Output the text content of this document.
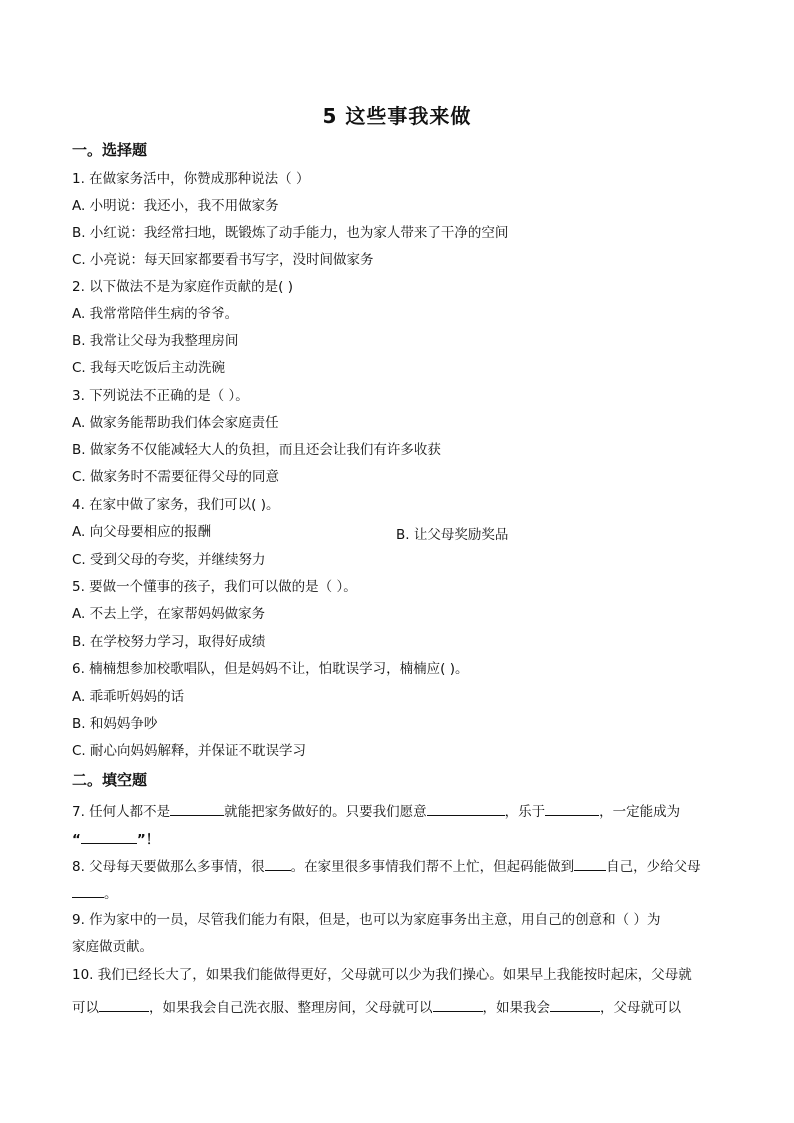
5 这些事我来做
一。选择题
1. 在做家务活中，你赞成那种说法（ ）
A. 小明说：我还小，我不用做家务
B. 小红说：我经常扫地，既锻炼了动手能力，也为家人带来了干净的空间
C. 小亮说：每天回家都要看书写字，没时间做家务
2. 以下做法不是为家庭作贡献的是( )
A. 我常常陪伴生病的爷爷。
B. 我常让父母为我整理房间
C. 我每天吃饭后主动洗碗
3. 下列说法不正确的是（ ）。
A. 做家务能帮助我们体会家庭责任
B. 做家务不仅能减轻大人的负担，而且还会让我们有许多收获
C. 做家务时不需要征得父母的同意
4. 在家中做了家务，我们可以( )。
A. 向父母要相应的报酬	B. 让父母奖励奖品
C. 受到父母的夸奖，并继续努力
5. 要做一个懂事的孩子，我们可以做的是（ ）。
A. 不去上学，在家帮妈妈做家务
B. 在学校努力学习，取得好成绩
6. 楠楠想参加校歌唱队，但是妈妈不让，怕耽误学习，楠楠应( )。
A. 乖乖听妈妈的话
B. 和妈妈争吵
C. 耐心向妈妈解释，并保证不耽误学习
二。填空题
7. 任何人都不是	就能把家务做好的。只要我们愿意	，乐于	，一定能成为
“	”！
8. 父母每天要做那么多事情，很 。在家里很多事情我们帮不上忙，但起码能做到 自己，少给父母
。
9. 作为家中的一员，尽管我们能力有限，但是，也可以为家庭事务出主意，用自己的创意和（ ）为
家庭做贡献。
10. 我们已经长大了，如果我们能做得更好，父母就可以少为我们操心。如果早上我能按时起床，父母就
可以	，如果我会自己洗衣服、整理房间，父母就可以	，如果我会	，父母就可以
